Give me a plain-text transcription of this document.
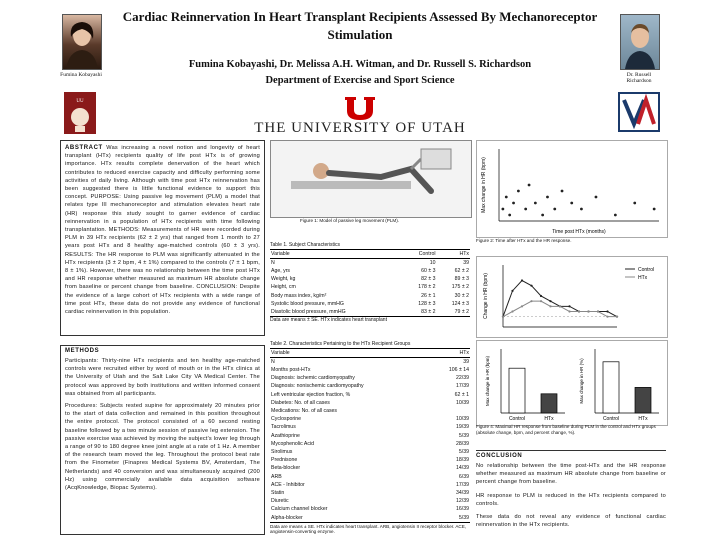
Cardiac Reinnervation In Heart Transplant Recipients Assessed By Mechanoreceptor Stimulation
Fumina Kobayashi, Dr. Melissa A.H. Witman, and Dr. Russell S. Richardson
Department of Exercise and Sport Science
Fumina Kobayashi
UU
Dr. Russell Richardson
THE UNIVERSITY OF UTAH
ABSTRACT Was increasing a novel notion and longevity of heart transplant (HTx) recipients quality of life post HTx is of growing importance. HTx results complete denervation of the heart which contributes to reduced exercise capacity and difficulty performing some activities of daily living. Although with time post HTx reinnervation has been suggested there is little functional evidence to support this concept. PURPOSE: Using passive leg movement (PLM) a model that relates type III mechanoreceptor and stimulation elevates heart rate (HR) response this study sought to garner evidence of cardiac reinnervation in a population of HTx recipients with time following transplantation. METHODS: Measurements of HR were recorded during PLM in 39 HTx recipients (62 ± 2 yrs) that ranged from 1 month to 27 years post HTx and 8 healthy age-matched controls (60 ± 3 yrs). RESULTS: The HR response to PLM was significantly attenuated in the HTx recipients (3 ± 2 bpm, 4 ± 1%) compared to the controls (7 ± 1 bpm, 8 ± 1%). However, there was no relationship between the time post HTx and HR response whether measured as maximum HR absolute change from baseline or percent change from baseline. CONCLUSION: Despite the evidence of a large cohort of HTx recipients with a wide range of time post HTx, these data do not provide any evidence of functional cardiac reinnervation in this population.
METHODS
Participants: Thirty-nine HTx recipients and ten healthy age-matched controls were recruited either by word of mouth or in the HTx clinics at the University of Utah and the Salt Lake City VA Medical Center. The protocol was approved by both institutions and written informed consent was obtained from all participants.
Procedures: Subjects rested supine for approximately 20 minutes prior to the start of data collection and remained in this position throughout the entire protocol. The protocol consisted of a 60 second resting baseline followed by a two minute session of passive leg extension. The passive exercise was achieved by moving the subject's lower leg through a range of 90 to 180 degree knee joint angle at a rate of 1 Hz. A member of the research team moved the leg. Throughout the protocol beat rate from the Finometer (Finapres Medical Systems BV, Amsterdam, The Netherlands) and 40 conversion and was simultaneously acquired (200 Hz) using commercially available data acquisition software (AcqKnowledge, Biopac Systems).
Figure 1: Model of passive leg movement (PLM).
Table 1. Subject Characteristics
Variable	Control	HTx
N	10	39
Age, yrs	60 ± 3	62 ± 2
Weight, kg	82 ± 3	89 ± 3
Height, cm	178 ± 2	175 ± 2
Body mass index, kg/m²	26 ± 1	30 ± 2
Systolic blood pressure, mmHG	128 ± 3	124 ± 3
Diastolic blood pressure, mmHG	83 ± 2	79 ± 2
Data are means ± SE. HTx indicates heart transplant
Table 2. Characteristics Pertaining to the HTx Recipient Groups
Variable	HTx
N	39
Months post-HTx	106 ± 14
Diagnosis: ischemic cardiomyopathy	22/39
Diagnosis: nonischemic cardiomyopathy	17/39
Left ventricular ejection fraction, %	62 ± 1
Diabetes: No. of all cases	10/39
Medications: No. of all cases	
Cyclosporine	10/39
Tacrolimus	19/39
Azathioprine	5/39
Mycophenolic Acid	28/39
Sirolimus	5/39
Prednisone	18/39
Beta-blocker	14/39
ARB	6/39
ACE - Inhibitor	17/39
Statin	34/39
Diuretic	12/39
Calcium channel blocker	16/39
Alpha-blocker	5/39
Data are means ± SE. HTx indicates heart transplant. ARB, angiotensin II receptor blocker. ACE, angiotensin-converting enzyme.
Time post HTx (months)
Max change in HR (bpm)
Figure 2: Time after HTx and the HR response.
Control
HTx
Change in HR (bpm)
Control	HTx
Max change in HR (bpm)
Control	HTx
Max change in HR (%)
Figure 4: Maximal HR response from baseline during PLM in the control and HTx groups (absolute change, bpm, and percent change, %).
CONCLUSION
No relationship between the time post-HTx and the HR response whether measured as maximum HR absolute change from baseline or percent change from baseline.
HR response to PLM is reduced in the HTx recipients compared to controls.
These data do not reveal any evidence of functional cardiac reinnervation in the HTx recipients.
